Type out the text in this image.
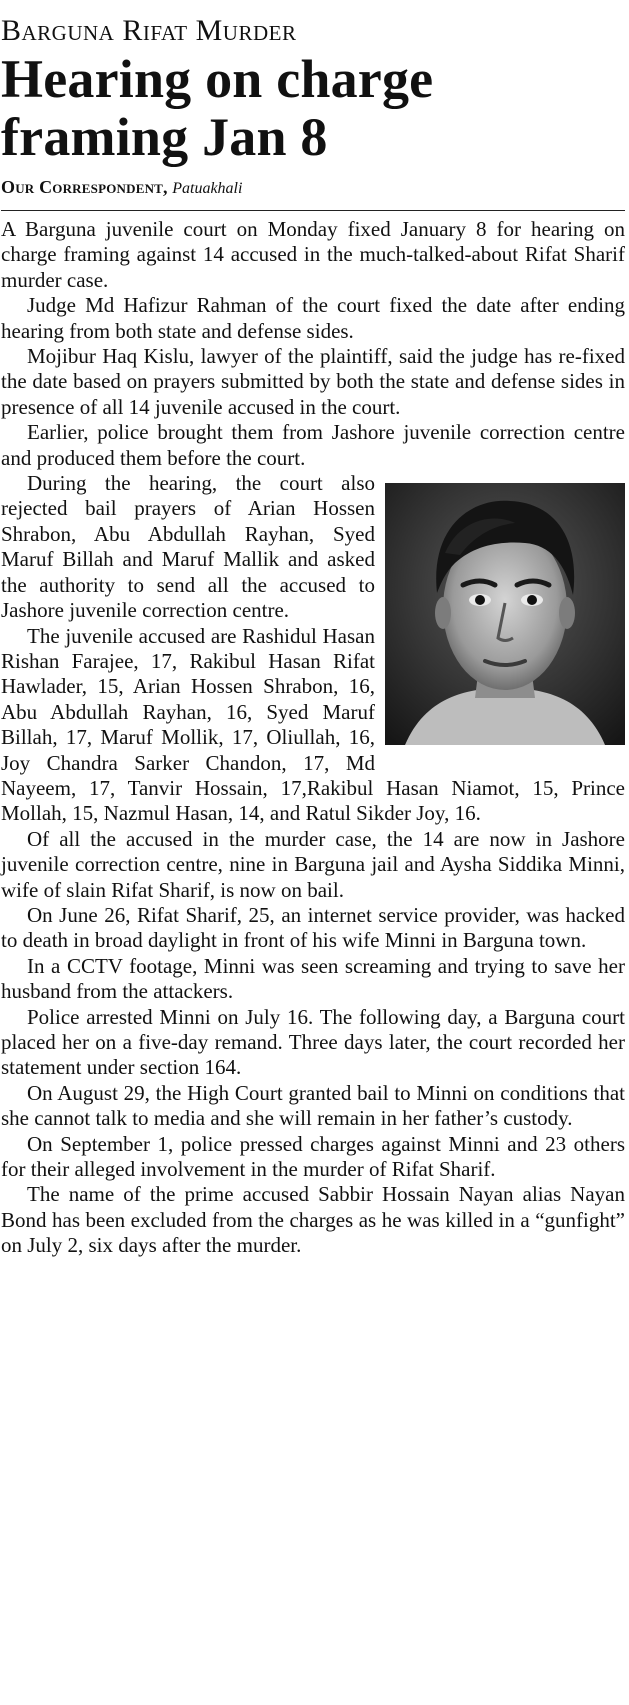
Barguna Rifat Murder
Hearing on charge framing Jan 8
Our Correspondent, Patuakhali

A Barguna juvenile court on Monday fixed January 8 for hearing on charge framing against 14 accused in the much-talked-about Rifat Sharif murder case.

Judge Md Hafizur Rahman of the court fixed the date after ending hearing from both state and defense sides.

Mojibur Haq Kislu, lawyer of the plaintiff, said the judge has re-fixed the date based on prayers submitted by both the state and defense sides in presence of all 14 juvenile accused in the court.

Earlier, police brought them from Jashore juvenile correction centre and produced them before the court.

During the hearing, the court also rejected bail prayers of Arian Hossen Shrabon, Abu Abdullah Rayhan, Syed Maruf Billah and Maruf Mallik and asked the authority to send all the accused to Jashore juvenile correction centre.

The juvenile accused are Rashidul Hasan Rishan Farajee, 17, Rakibul Hasan Rifat Hawlader, 15, Arian Hossen Shrabon, 16, Abu Abdullah Rayhan, 16, Syed Maruf Billah, 17, Maruf Mollik, 17, Oliullah, 16, Joy Chandra Sarker Chandon, 17, Md Nayeem, 17, Tanvir Hossain, 17,Rakibul Hasan Niamot, 15, Prince Mollah, 15, Nazmul Hasan, 14, and Ratul Sikder Joy, 16.

Of all the accused in the murder case, the 14 are now in Jashore juvenile correction centre, nine in Barguna jail and Aysha Siddika Minni, wife of slain Rifat Sharif, is now on bail.

On June 26, Rifat Sharif, 25, an internet service provider, was hacked to death in broad daylight in front of his wife Minni in Barguna town.

In a CCTV footage, Minni was seen screaming and trying to save her husband from the attackers.

Police arrested Minni on July 16. The following day, a Barguna court placed her on a five-day remand. Three days later, the court recorded her statement under section 164.

On August 29, the High Court granted bail to Minni on conditions that she cannot talk to media and she will remain in her father’s custody.

On September 1, police pressed charges against Minni and 23 others for their alleged involvement in the murder of Rifat Sharif.

The name of the prime accused Sabbir Hossain Nayan alias Nayan Bond has been excluded from the charges as he was killed in a “gunfight” on July 2, six days after the murder.
